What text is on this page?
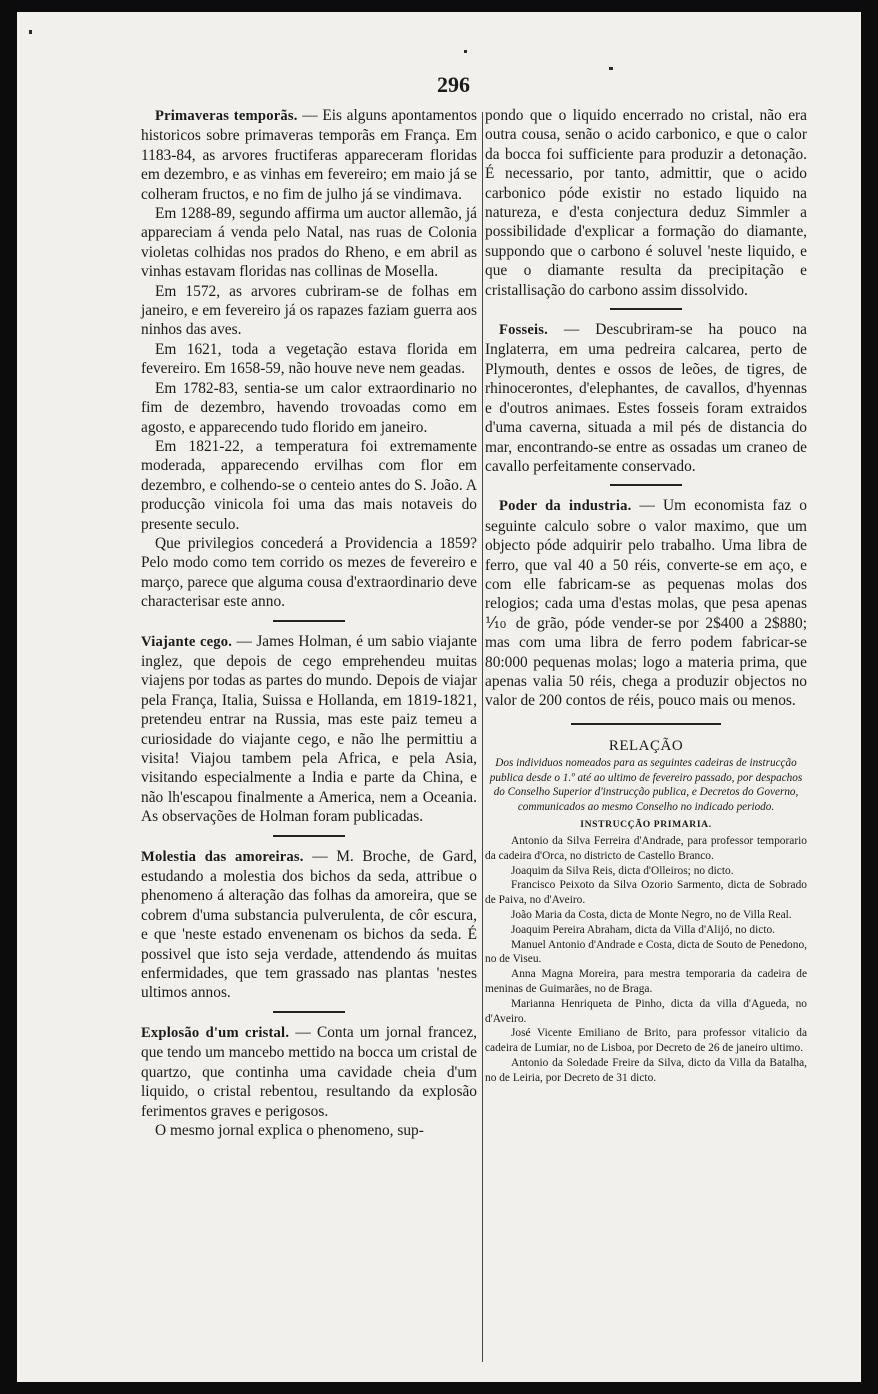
296

Primaveras temporãs. — Eis alguns apontamentos historicos sobre primaveras temporãs em França. Em 1183-84, as arvores fructiferas appareceram floridas em dezembro, e as vinhas em fevereiro; em maio já se colheram fructos, e no fim de julho já se vindimava.

Em 1288-89, segundo affirma um auctor allemão, já appareciam á venda pelo Natal, nas ruas de Colonia violetas colhidas nos prados do Rheno, e em abril as vinhas estavam floridas nas collinas de Mosella.

Em 1572, as arvores cubriram-se de folhas em janeiro, e em fevereiro já os rapazes faziam guerra aos ninhos das aves.

Em 1621, toda a vegetação estava florida em fevereiro. Em 1658-59, não houve neve nem geadas.

Em 1782-83, sentia-se um calor extraordinario no fim de dezembro, havendo trovoadas como em agosto, e apparecendo tudo florido em janeiro.

Em 1821-22, a temperatura foi extremamente moderada, apparecendo ervilhas com flor em dezembro, e colhendo-se o centeio antes do S. João. A producção vinicola foi uma das mais notaveis do presente seculo.

Que privilegios concederá a Providencia a 1859? Pelo modo como tem corrido os mezes de fevereiro e março, parece que alguma cousa d'extraordinario deve characterisar este anno.

Viajante cego. — James Holman, é um sabio viajante inglez, que depois de cego emprehendeu muitas viajens por todas as partes do mundo. Depois de viajar pela França, Italia, Suissa e Hollanda, em 1819-1821, pretendeu entrar na Russia, mas este paiz temeu a curiosidade do viajante cego, e não lhe permittiu a visita! Viajou tambem pela Africa, e pela Asia, visitando especialmente a India e parte da China, e não lh'escapou finalmente a America, nem a Oceania. As observações de Holman foram publicadas.

Molestia das amoreiras. — M. Broche, de Gard, estudando a molestia dos bichos da seda, attribue o phenomeno á alteração das folhas da amoreira, que se cobrem d'uma substancia pulverulenta, de côr escura, e que 'neste estado envenenam os bichos da seda. É possivel que isto seja verdade, attendendo ás muitas enfermidades, que tem grassado nas plantas 'nestes ultimos annos.

Explosão d'um cristal. — Conta um jornal francez, que tendo um mancebo mettido na bocca um cristal de quartzo, que continha uma cavidade cheia d'um liquido, o cristal rebentou, resultando da explosão ferimentos graves e perigosos.

O mesmo jornal explica o phenomeno, sup-

pondo que o liquido encerrado no cristal, não era outra cousa, senão o acido carbonico, e que o calor da bocca foi sufficiente para produzir a detonação. É necessario, por tanto, admittir, que o acido carbonico póde existir no estado liquido na natureza, e d'esta conjectura deduz Simmler a possibilidade d'explicar a formação do diamante, suppondo que o carbono é soluvel 'neste liquido, e que o diamante resulta da precipitação e cristallisação do carbono assim dissolvido.

Fosseis. — Descubriram-se ha pouco na Inglaterra, em uma pedreira calcarea, perto de Plymouth, dentes e ossos de leões, de tigres, de rhinocerontes, d'elephantes, de cavallos, d'hyennas e d'outros animaes. Estes fosseis foram extraidos d'uma caverna, situada a mil pés de distancia do mar, encontrando-se entre as ossadas um craneo de cavallo perfeitamente conservado.

Poder da industria. — Um economista faz o seguinte calculo sobre o valor maximo, que um objecto póde adquirir pelo trabalho. Uma libra de ferro, que val 40 a 50 réis, converte-se em aço, e com elle fabricam-se as pequenas molas dos relogios; cada uma d'estas molas, que pesa apenas ⅒ de grão, póde vender-se por 2$400 a 2$880; mas com uma libra de ferro podem fabricar-se 80:000 pequenas molas; logo a materia prima, que apenas valia 50 réis, chega a produzir objectos no valor de 200 contos de réis, pouco mais ou menos.

RELAÇÃO

Dos individuos nomeados para as seguintes cadeiras de instrucção publica desde o 1.º até ao ultimo de fevereiro passado, por despachos do Conselho Superior d'instrucção publica, e Decretos do Governo, communicados ao mesmo Conselho no indicado periodo.

INSTRUCÇÃO PRIMARIA.

Antonio da Silva Ferreira d'Andrade, para professor temporario da cadeira d'Orca, no districto de Castello Branco.

Joaquim da Silva Reis, dicta d'Olleiros; no dicto.

Francisco Peixoto da Silva Ozorio Sarmento, dicta de Sobrado de Paiva, no d'Aveiro.

João Maria da Costa, dicta de Monte Negro, no de Villa Real.

Joaquim Pereira Abraham, dicta da Villa d'Alijó, no dicto.

Manuel Antonio d'Andrade e Costa, dicta de Souto de Penedono, no de Viseu.

Anna Magna Moreira, para mestra temporaria da cadeira de meninas de Guimarães, no de Braga.

Marianna Henriqueta de Pinho, dicta da villa d'Agueda, no d'Aveiro.

José Vicente Emiliano de Brito, para professor vitalicio da cadeira de Lumiar, no de Lisboa, por Decreto de 26 de janeiro ultimo.

Antonio da Soledade Freire da Silva, dicto da Villa da Batalha, no de Leiria, por Decreto de 31 dicto.
